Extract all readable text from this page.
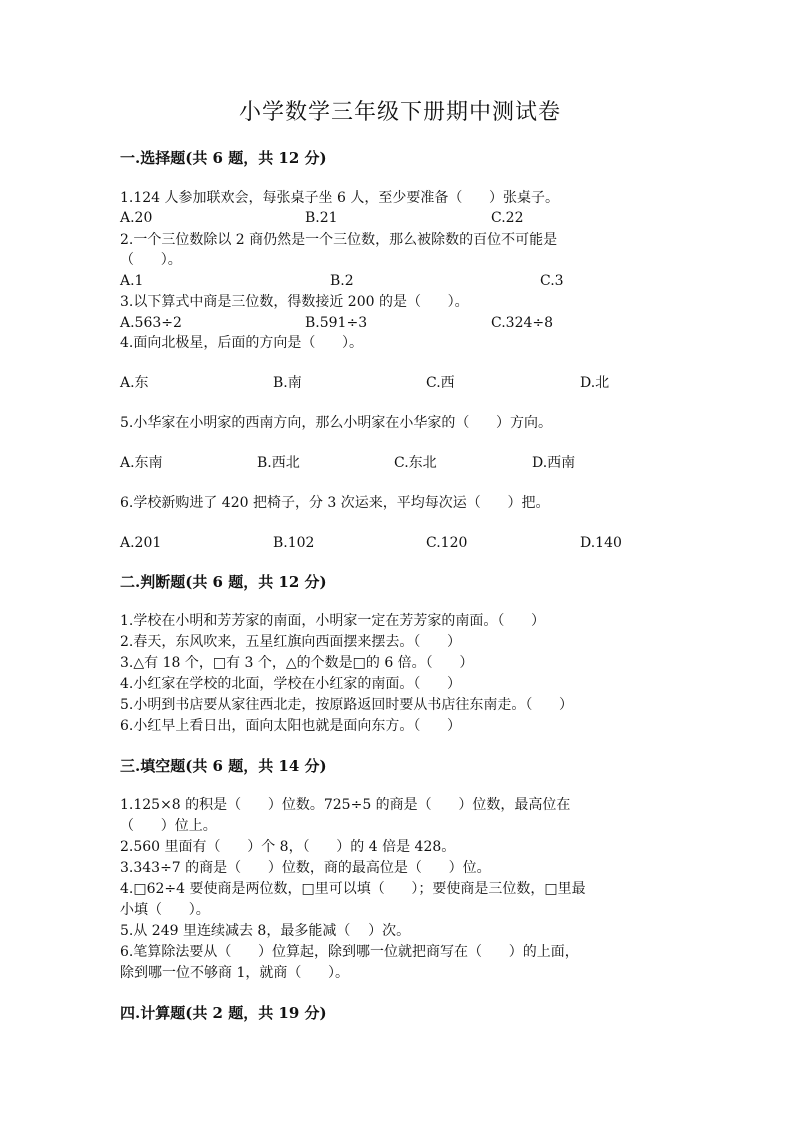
小学数学三年级下册期中测试卷
一.选择题(共 6 题，共 12 分)
1.124 人参加联欢会，每张桌子坐 6 人，至少要准备（      ）张桌子。
A.20	B.21	C.22
2.一个三位数除以 2 商仍然是一个三位数，那么被除数的百位不可能是
（      ）。
A.1	B.2	C.3
3.以下算式中商是三位数，得数接近 200 的是（      ）。
A.563÷2	B.591÷3	C.324÷8
4.面向北极星，后面的方向是（      ）。
A.东	B.南	C.西	D.北
5.小华家在小明家的西南方向，那么小明家在小华家的（      ）方向。
A.东南	B.西北	C.东北	D.西南
6.学校新购进了 420 把椅子，分 3 次运来，平均每次运（      ）把。
A.201	B.102	C.120	D.140
二.判断题(共 6 题，共 12 分)
1.学校在小明和芳芳家的南面，小明家一定在芳芳家的南面。（      ）
2.春天，东风吹来，五星红旗向西面摆来摆去。（      ）
3.△有 18 个，□有 3 个，△的个数是□的 6 倍。（      ）
4.小红家在学校的北面，学校在小红家的南面。（      ）
5.小明到书店要从家往西北走，按原路返回时要从书店往东南走。（      ）
6.小红早上看日出，面向太阳也就是面向东方。（      ）
三.填空题(共 6 题，共 14 分)
1.125×8 的积是（      ）位数。725÷5 的商是（      ）位数，最高位在
（      ）位上。
2.560 里面有（      ）个 8，（      ）的 4 倍是 428。
3.343÷7 的商是（      ）位数，商的最高位是（      ）位。
4.□62÷4 要使商是两位数，□里可以填（      ）；要使商是三位数，□里最
小填（      ）。
5.从 249 里连续减去 8，最多能减（    ）次。
6.笔算除法要从（      ）位算起，除到哪一位就把商写在（      ）的上面，
除到哪一位不够商 1，就商（      ）。
四.计算题(共 2 题，共 19 分)
